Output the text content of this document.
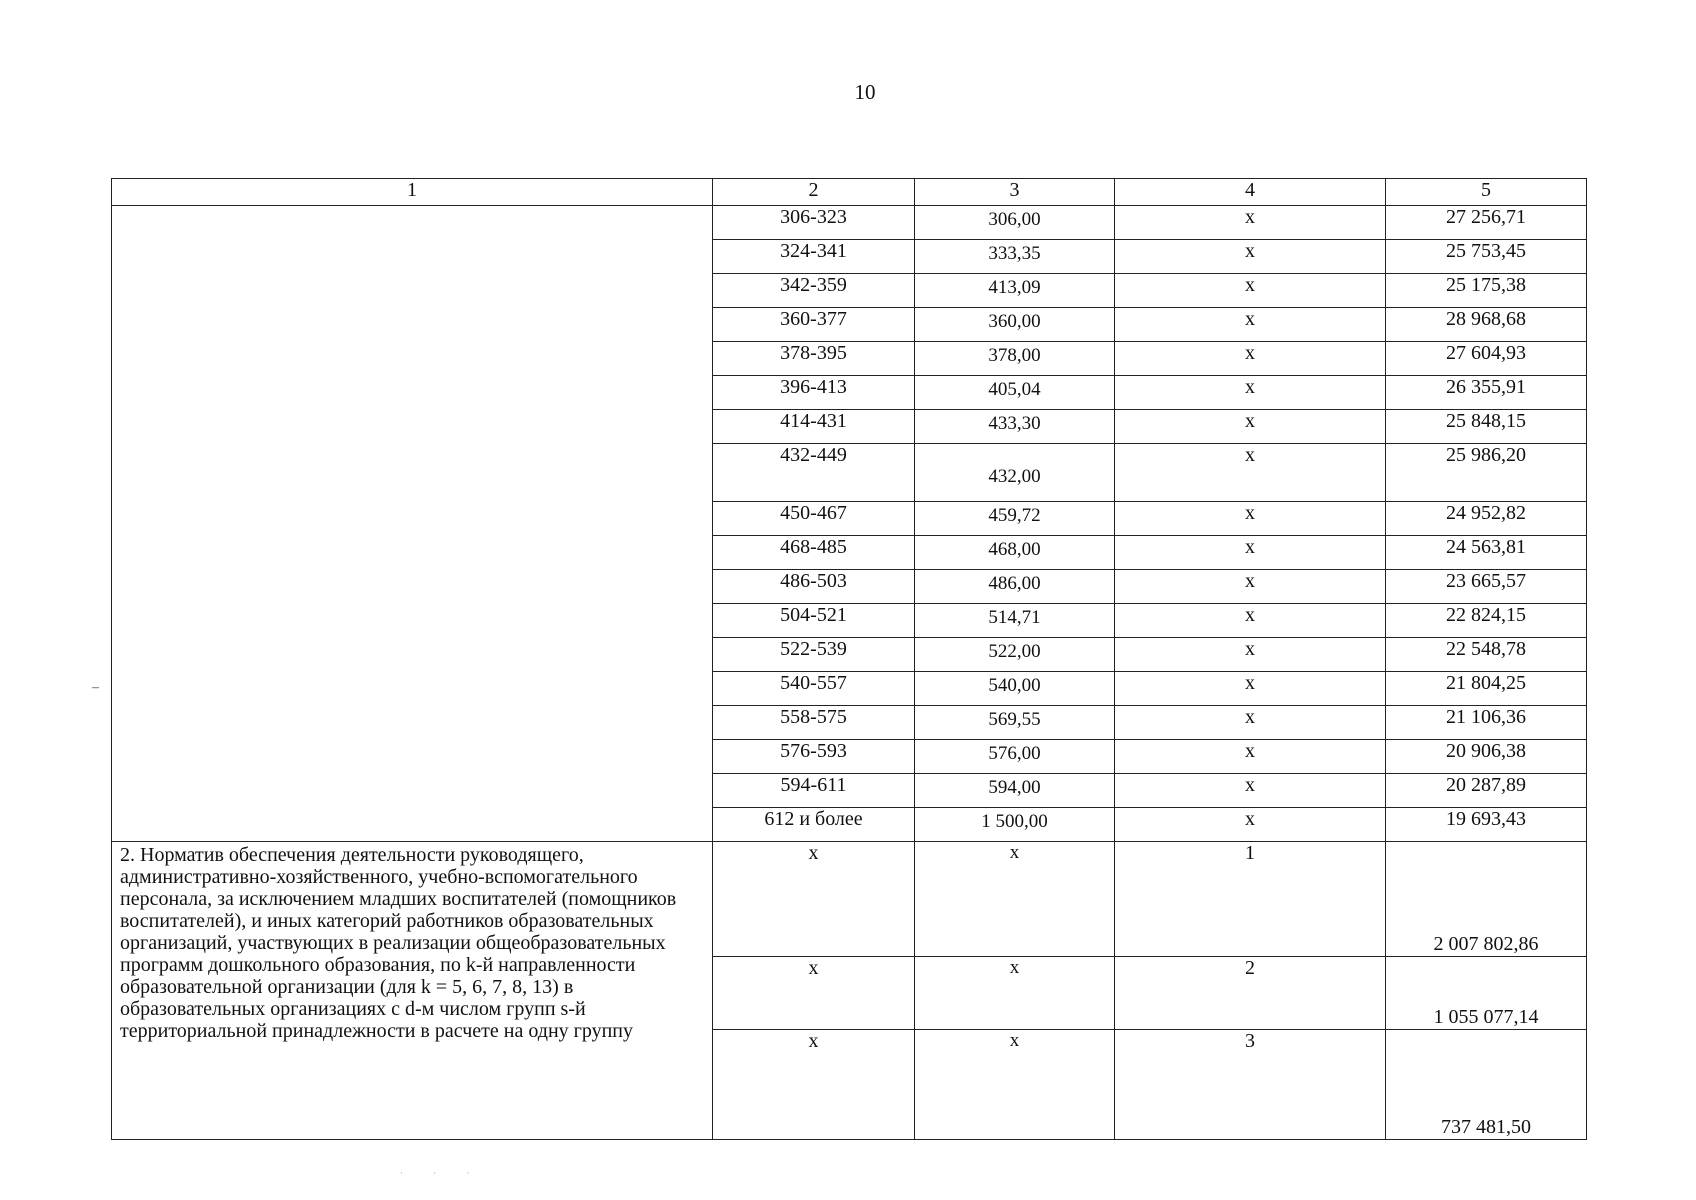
10
–
1	2	3	4	5
	306-323	306,00	х	27 256,71
	324-341	333,35	х	25 753,45
	342-359	413,09	х	25 175,38
	360-377	360,00	х	28 968,68
	378-395	378,00	х	27 604,93
	396-413	405,04	х	26 355,91
	414-431	433,30	х	25 848,15
	432-449	432,00	х	25 986,20
	450-467	459,72	х	24 952,82
	468-485	468,00	х	24 563,81
	486-503	486,00	х	23 665,57
	504-521	514,71	х	22 824,15
	522-539	522,00	х	22 548,78
	540-557	540,00	х	21 804,25
	558-575	569,55	х	21 106,36
	576-593	576,00	х	20 906,38
	594-611	594,00	х	20 287,89
	612 и более	1 500,00	х	19 693,43
2. Норматив обеспечения деятельности руководящего, административно-хозяйственного, учебно-вспомогательного персонала, за исключением младших воспитателей (помощников воспитателей), и иных категорий работников образовательных организаций, участвующих в реализации общеобразовательных программ дошкольного образования, по k-й направленности образовательной организации (для k = 5, 6, 7, 8, 13) в образовательных организациях с d-м числом групп s-й территориальной принадлежности в расчете на одну группу	х	х	1	2 007 802,86
	х	х	2	1 055 077,14
	х	х	3	737 481,50
· · ·
